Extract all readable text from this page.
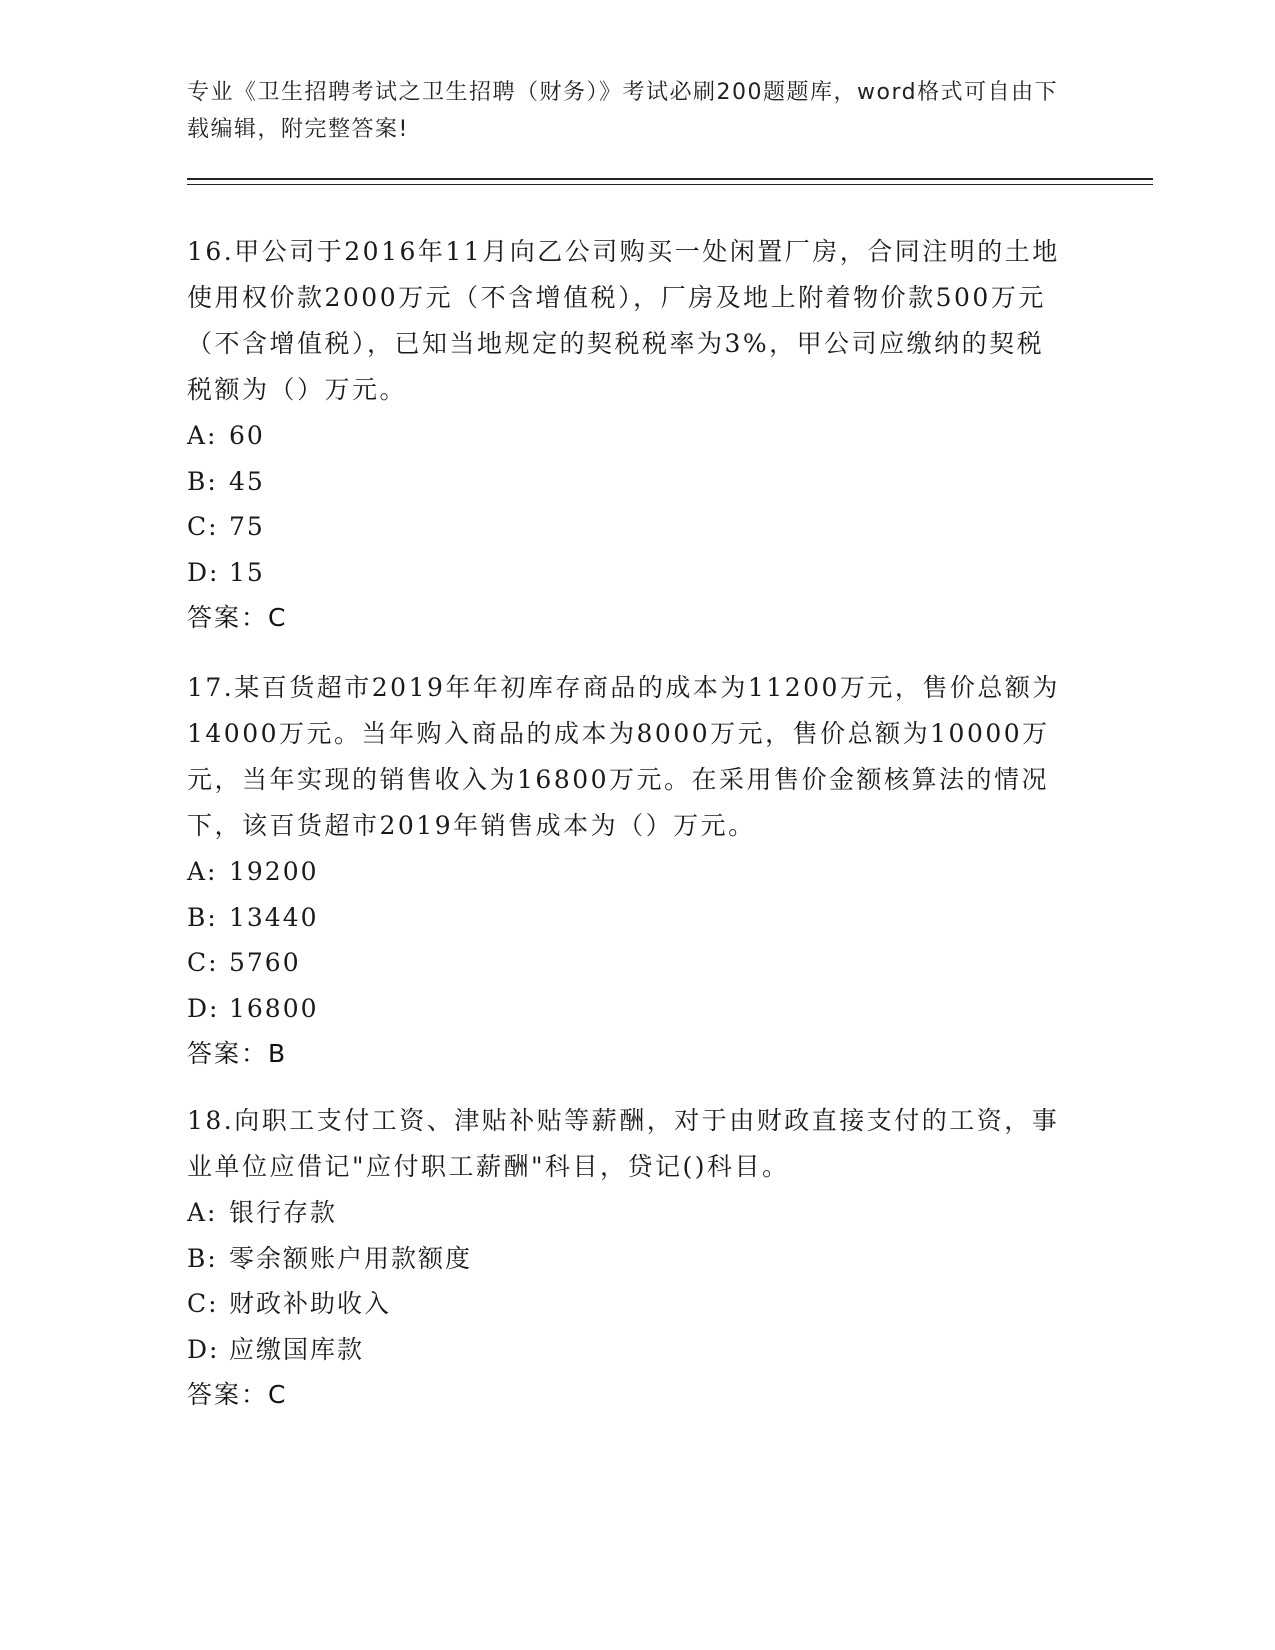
专业《卫生招聘考试之卫生招聘（财务）》考试必刷200题题库，word格式可自由下载编辑，附完整答案!

16.甲公司于2016年11月向乙公司购买一处闲置厂房，合同注明的土地使用权价款2000万元（不含增值税），厂房及地上附着物价款500万元（不含增值税），已知当地规定的契税税率为3%，甲公司应缴纳的契税税额为（）万元。

A: 60
B: 45
C: 75
D: 15
答案：C

17.某百货超市2019年年初库存商品的成本为11200万元，售价总额为14000万元。当年购入商品的成本为8000万元，售价总额为10000万元，当年实现的销售收入为16800万元。在采用售价金额核算法的情况下，该百货超市2019年销售成本为（）万元。

A: 19200
B: 13440
C: 5760
D: 16800
答案：B

18.向职工支付工资、津贴补贴等薪酬，对于由财政直接支付的工资，事业单位应借记"应付职工薪酬"科目，贷记()科目。

A: 银行存款
B: 零余额账户用款额度
C: 财政补助收入
D: 应缴国库款
答案：C
